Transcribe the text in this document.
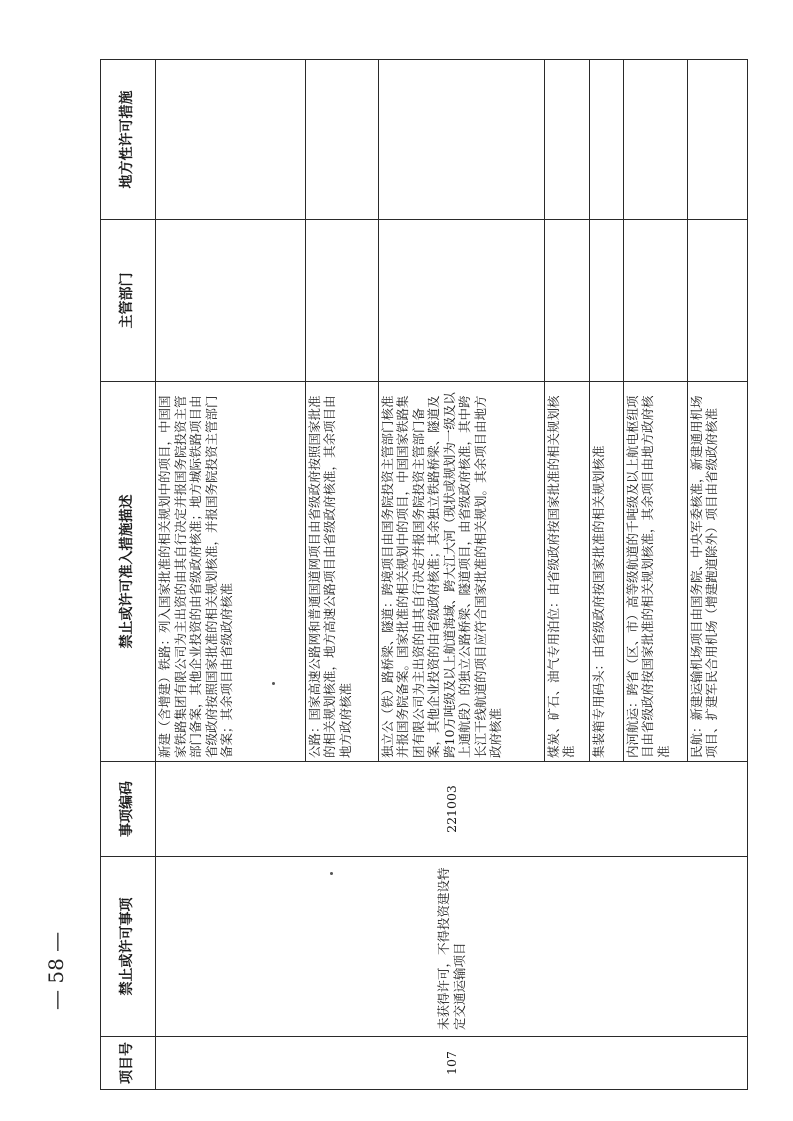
项目号	禁止或许可事项	事项编码	禁止或许可准入措施描述	主管部门	地方性许可措施
107	未获得许可，不得投资建设特定交通运输项目	221003	新建（含增建）铁路：列入国家批准的相关规划中的项目，中国国家铁路集团有限公司为主出资的由其自行决定并报国务院投资主管部门备案，其他企业投资的由省级政府核准；地方城际铁路项目由省级政府按照国家批准的相关规划核准，并报国务院投资主管部门备案；其余项目由省级政府核准		
			公路：国家高速公路网和普通国道网项目由省级政府按照国家批准的相关规划核准，地方高速公路项目由省级政府核准，其余项目由地方政府核准		
			独立公（铁）路桥梁、隧道：跨境项目由国务院投资主管部门核准并报国务院备案。国家批准的相关规划中的项目，中国国家铁路集团有限公司为主出资的由其自行决定并报国务院投资主管部门备案，其他企业投资的由省级政府核准；其余独立铁路桥梁、隧道及跨10万吨级及以上航道海域、跨大江大河（现状或规划为一级及以上通航段）的独立公路桥梁、隧道项目，由省级政府核准，其中跨长江干线航道的项目应符合国家批准的相关规划。其余项目由地方政府核准		
			煤炭、矿石、油气专用泊位：由省级政府按国家批准的相关规划核准		
			集装箱专用码头：由省级政府按国家批准的相关规划核准		
			内河航运：跨省（区、市）高等级航道的千吨级及以上航电枢纽项目由省级政府按国家批准的相关规划核准，其余项目由地方政府核准		
			民航：新建运输机场项目由国务院、中央军委核准，新建通用机场项目、扩建军民合用机场（增建跑道除外）项目由省级政府核准		
— 58 —
